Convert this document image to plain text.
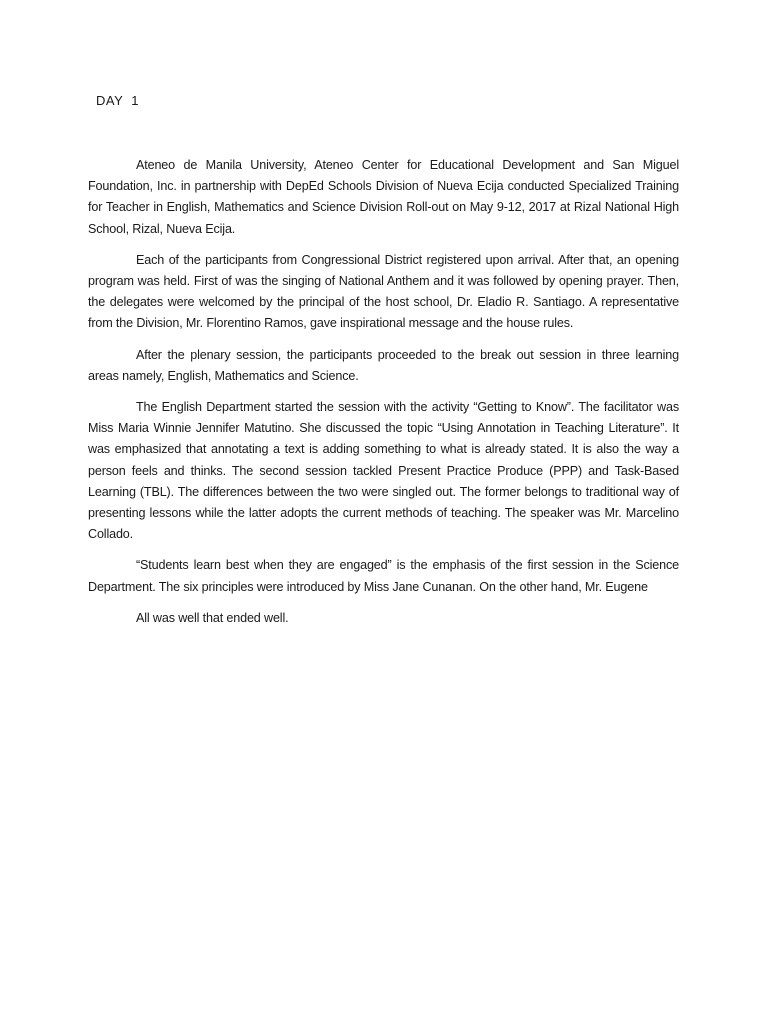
DAY  1

Ateneo de Manila University, Ateneo Center for Educational Development and San Miguel Foundation, Inc. in partnership with DepEd Schools Division of Nueva Ecija conducted Specialized Training for Teacher in English, Mathematics and Science Division Roll-out on May 9-12, 2017 at Rizal National High School, Rizal, Nueva Ecija.

Each of the participants from Congressional District registered upon arrival. After that, an opening program was held. First of was the singing of National Anthem and it was followed by opening prayer. Then, the delegates were welcomed by the principal of the host school, Dr. Eladio R. Santiago. A representative from the Division, Mr. Florentino Ramos, gave inspirational message and the house rules.

After the plenary session, the participants proceeded to the break out session in three learning areas namely, English, Mathematics and Science.

The English Department started the session with the activity “Getting to Know”. The facilitator was Miss Maria Winnie Jennifer Matutino. She discussed the topic “Using Annotation in Teaching Literature”. It was emphasized that annotating a text is adding something to what is already stated. It is also the way a person feels and thinks. The second session tackled Present Practice Produce (PPP) and Task-Based Learning (TBL). The differences between the two were singled out. The former belongs to traditional way of presenting lessons while the latter adopts the current methods of teaching. The speaker was Mr. Marcelino Collado.

“Students learn best when they are engaged” is the emphasis of the first session in the Science Department. The six principles were introduced by Miss Jane Cunanan. On the other hand, Mr. Eugene

All was well that ended well.
